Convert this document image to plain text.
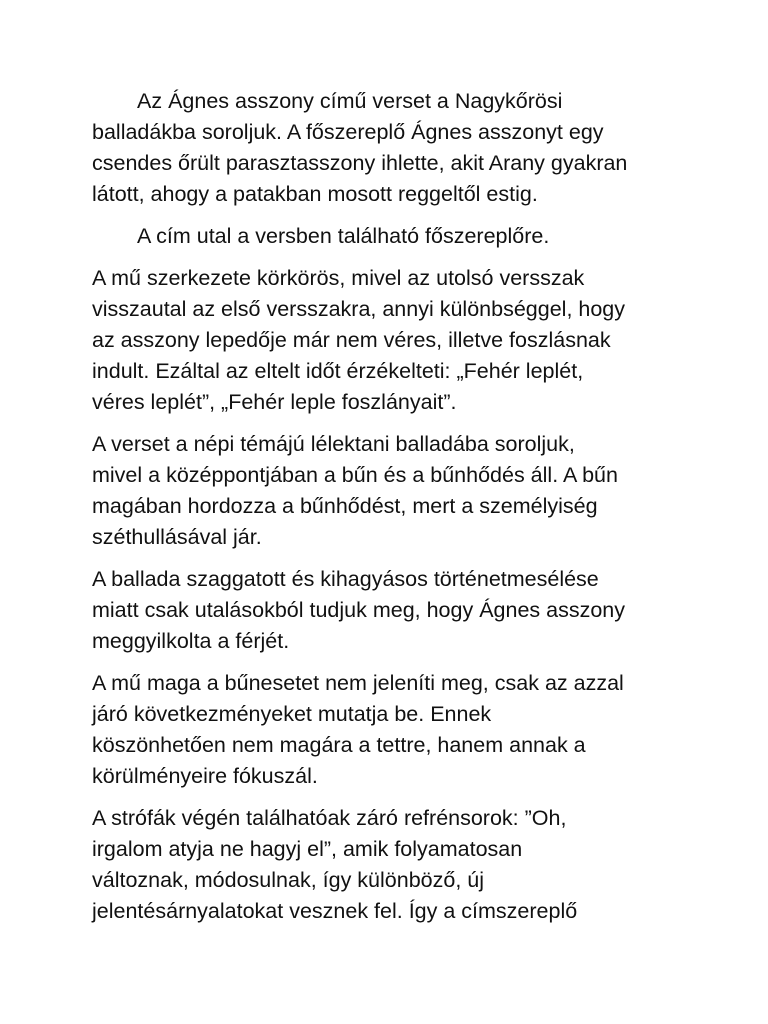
Az Ágnes asszony című verset a Nagykőrösi
balladákba soroljuk. A főszereplő Ágnes asszonyt egy
csendes őrült parasztasszony ihlette, akit Arany gyakran
látott, ahogy a patakban mosott reggeltől estig.
A cím utal a versben található főszereplőre.
A mű szerkezete körkörös, mivel az utolsó versszak
visszautal az első versszakra, annyi különbséggel, hogy
az asszony lepedője már nem véres, illetve foszlásnak
indult. Ezáltal az eltelt időt érzékelteti: „Fehér leplét,
véres leplét”, „Fehér leple foszlányait”.
A verset a népi témájú lélektani balladába soroljuk,
mivel a középpontjában a bűn és a bűnhődés áll. A bűn
magában hordozza a bűnhődést, mert a személyiség
széthullásával jár.
A ballada szaggatott és kihagyásos történetmesélése
miatt csak utalásokból tudjuk meg, hogy Ágnes asszony
meggyilkolta a férjét.
A mű maga a bűnesetet nem jeleníti meg, csak az azzal
járó következményeket mutatja be. Ennek
köszönhetően nem magára a tettre, hanem annak a
körülményeire fókuszál.
A strófák végén találhatóak záró refrénsorok: ”Oh,
irgalom atyja ne hagyj el”, amik folyamatosan
változnak, módosulnak, így különböző, új
jelentésárnyalatokat vesznek fel. Így a címszereplő
